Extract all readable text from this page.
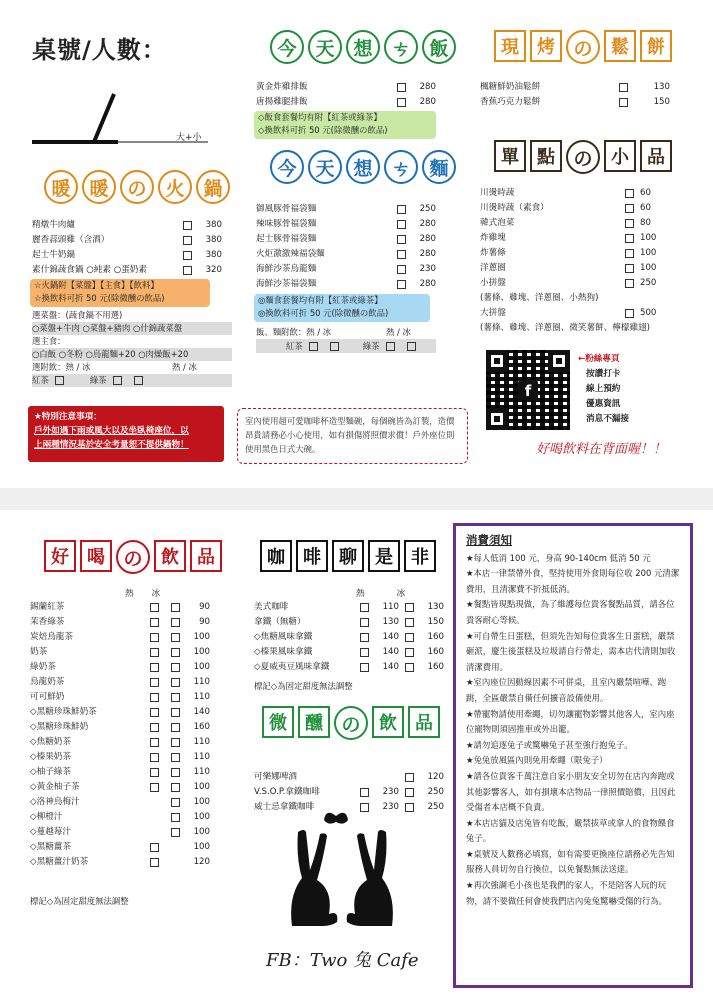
桌號/人數：
大+小
暖 暖 の 火 鍋
精燉牛肉爐	380
麗香蒜頭雞（含酒）	380
起士牛奶鍋	380
素什錦蔬食鍋 ○純素 ○蛋奶素	320
☆火鍋附【菜盤】【主食】【飲料】
☆換飲料可折 50 元(除微醺の飲品)
選菜盤：(蔬食鍋不用選)
○菜盤+牛肉 ○菜盤+豬肉 ○什錦蔬菜盤
選主食：
○白飯 ○冬粉 ○烏龍麵+20 ○肉燥飯+20
選附飲：熱 / 冰	熱 / 冰
紅茶	綠茶
★特別注意事項：
戶外如遇下雨或風大以及坐臥椅座位，以
上兩種情況基於安全考量恕不提供鍋物！
今 天 想 ㄘ 飯
黃金炸雞排飯	280
唐揚雞腿排飯	280
◇飯食套餐均有附【紅茶或綠茶】
◇換飲料可折 50 元(除微醺の飲品)
今 天 想 ㄘ 麵
御風豚骨福袋麵	250
辣味豚骨福袋麵	280
起士豚骨福袋麵	280
火炬激激辣福袋麵	280
海鮮沙茶烏龍麵	230
海鮮沙茶福袋麵	280
◎麵食套餐均有附【紅茶或綠茶】
◎換飲料可折 50 元(除微醺の飲品)
飯、麵附飲：熱 / 冰	熱 / 冰
紅茶	綠茶
室內使用超可愛咖啡杯造型麵碗，每個碗皆為訂製，造價昂貴請務必小心使用，如有損傷將照價求償！戶外座位則使用黑色日式大碗。
現	烤 の	鬆	餅
楓糖鮮奶油鬆餅	130
香蕉巧克力鬆餅	150
單	點 の	小	品
川燙時蔬	60
川燙時蔬（素食）	60
韓式泡菜	80
炸雞塊	100
炸薯條	100
洋蔥圈	100
小拼盤	250
(薯條、雞塊、洋蔥圈、小熱狗)
大拼盤	500
(薯條、雞塊、洋蔥圈、微笑薯餅、檸檬雞翅)
f
←粉絲專頁
按讚打卡
線上預約
優惠資訊
消息不漏接
好喝飲料在背面喔！！
好	喝 の	飲	品
熱 冰
錫蘭紅茶	90
茉香綠茶	90
炭焙烏龍茶	100
奶茶	100
綠奶茶	100
烏龍奶茶	110
可可鮮奶	110
◇黑糖珍珠鮮奶茶	140
◇黑糖珍珠鮮奶	160
◇焦糖奶茶	110
◇榛果奶茶	110
◇柚子綠茶	110
◇黃金柚子茶	100
◇洛神烏梅汁	100
◇柳橙汁	100
◇蔓越莓汁	100
◇黑糖薑茶	100
◇黑糖薑汁奶茶	120
標記◇為固定甜度無法調整
咖	啡	聊	是	非
熱	冰
美式咖啡	110	130
拿鐵（無糖）	130	150
◇焦糖風味拿鐵	140	160
◇榛果風味拿鐵	140	160
◇夏威夷豆風味拿鐵	140	160
標記◇為固定甜度無法調整
微	醺 の	飲	品
可樂娜啤酒	120
V.S.O.P.拿鐵咖啡	230	250
威士忌拿鐵咖啡	230	250
FB：Two 兔 Cafe
消費須知

★每人低消 100 元，身高 90-140cm 低消 50 元

★本店一律禁帶外食，堅持使用外食則每位收 200 元清潔費用，且清潔費不折抵低消。

★餐點皆現點現做，為了維護每位貴客餐點品質，請各位貴客耐心等候。

★可自帶生日蛋糕，但須先告知每位貴客生日蛋糕，嚴禁砸派，慶生後蛋糕及垃圾請自行帶走，需本店代清則加收清潔費用。

★室內座位因動線因素不可併桌，且室內嚴禁喧嘩、跑跳，全區嚴禁自備任何擴音設備使用。

★帶寵物請使用牽繩，切勿讓寵物影響其他客人，室內座位寵物則須固推車或外出籠。

★請勿追逐兔子或驚嚇兔子甚至強行抱兔子。

★兔兔放風區內則免用牽繩（限兔子）

★請各位貴客千萬注意自家小朋友安全切勿在店內奔跑或其他影響客人，如有損壞本店物品一律照價賠償，且因此受傷者本店概不負責。

★本店店貓及店兔皆有吃飯，嚴禁拔草或拿人的食物餵食兔子。

★桌號及人數務必填寫，如有需要更換座位請務必先告知服務人員切勿自行換位，以免餐點無法送達。

★再次強調毛小孩也是我們的家人，不是陪客人玩的玩物，請不要做任何會使我們店內兔兔驚嚇受傷的行為。
